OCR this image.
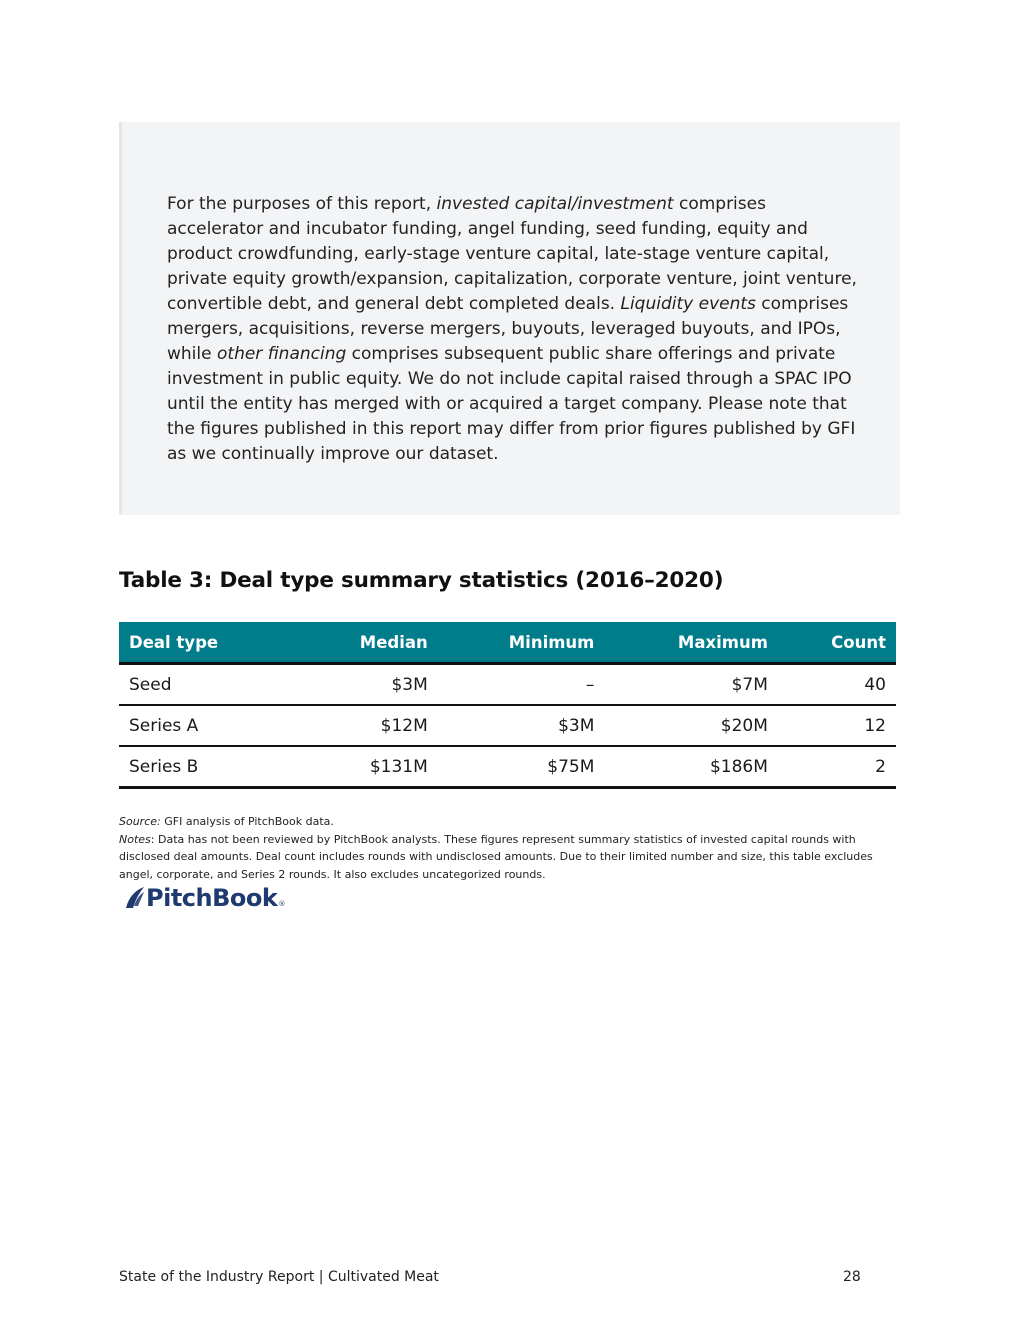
For the purposes of this report, invested capital/investment comprises accelerator and incubator funding, angel funding, seed funding, equity and product crowdfunding, early-stage venture capital, late-stage venture capital, private equity growth/expansion, capitalization, corporate venture, joint venture, convertible debt, and general debt completed deals. Liquidity events comprises mergers, acquisitions, reverse mergers, buyouts, leveraged buyouts, and IPOs, while other financing comprises subsequent public share offerings and private investment in public equity. We do not include capital raised through a SPAC IPO until the entity has merged with or acquired a target company. Please note that the figures published in this report may differ from prior figures published by GFI as we continually improve our dataset.

Table 3: Deal type summary statistics (2016–2020)
Deal type	Median	Minimum	Maximum	Count
Seed	$3M	–	$7M	40
Series A	$12M	$3M	$20M	12
Series B	$131M	$75M	$186M	2
Source: GFI analysis of PitchBook data.
Notes: Data has not been reviewed by PitchBook analysts. These figures represent summary statistics of invested capital rounds with disclosed deal amounts. Deal count includes rounds with undisclosed amounts. Due to their limited number and size, this table excludes angel, corporate, and Series 2 rounds. It also excludes uncategorized rounds.
PitchBook ®
State of the Industry Report | Cultivated Meat	28
